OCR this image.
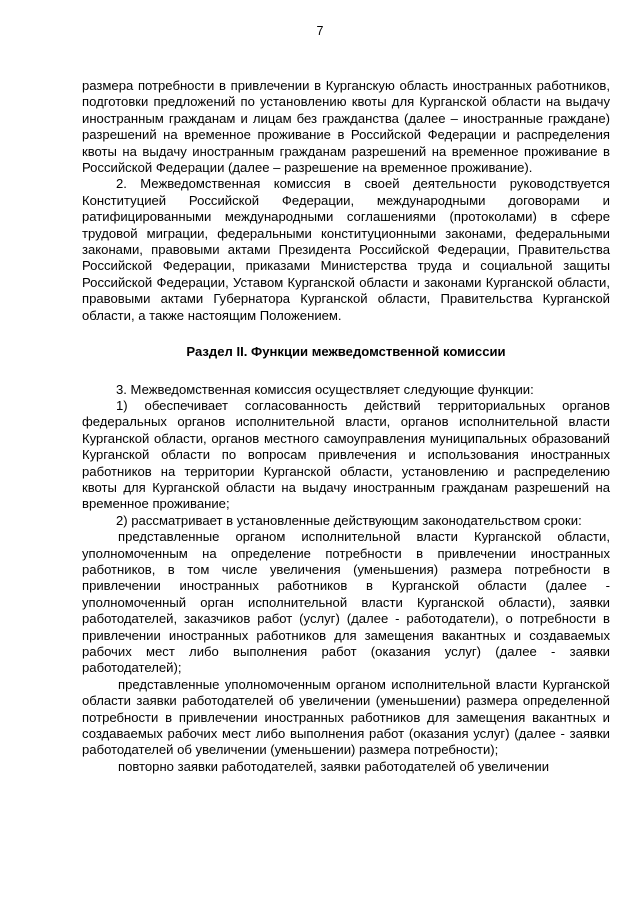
7

размера потребности в привлечении в Курганскую область иностранных работников, подготовки предложений по установлению квоты для Курганской области на выдачу иностранным гражданам и лицам без гражданства (далее – иностранные граждане) разрешений на временное проживание в Российской Федерации и распределения квоты на выдачу иностранным гражданам разрешений на временное проживание в Российской Федерации (далее – разрешение на временное проживание).

2. Межведомственная комиссия в своей деятельности руководствуется Конституцией Российской Федерации, международными договорами и ратифицированными международными соглашениями (протоколами) в сфере трудовой миграции, федеральными конституционными законами, федеральными законами, правовыми актами Президента Российской Федерации, Правительства Российской Федерации, приказами Министерства труда и социальной защиты Российской Федерации, Уставом Курганской области и законами Курганской области, правовыми актами Губернатора Курганской области, Правительства Курганской области, а также настоящим Положением.

Раздел II. Функции межведомственной комиссии

3. Межведомственная комиссия осуществляет следующие функции:

1) обеспечивает согласованность действий территориальных органов федеральных органов исполнительной власти, органов исполнительной власти Курганской области, органов местного самоуправления муниципальных образований Курганской области по вопросам привлечения и использования иностранных работников на территории Курганской области, установлению и распределению квоты для Курганской области на выдачу иностранным гражданам разрешений на временное проживание;

2) рассматривает в установленные действующим законодательством сроки:

представленные органом исполнительной власти Курганской области, уполномоченным на определение потребности в привлечении иностранных работников, в том числе увеличения (уменьшения) размера потребности в привлечении иностранных работников в Курганской области (далее - уполномоченный орган исполнительной власти Курганской области), заявки работодателей, заказчиков работ (услуг) (далее - работодатели), о потребности в привлечении иностранных работников для замещения вакантных и создаваемых рабочих мест либо выполнения работ (оказания услуг) (далее - заявки работодателей);

представленные уполномоченным органом исполнительной власти Курганской области заявки работодателей об увеличении (уменьшении) размера определенной потребности в привлечении иностранных работников для замещения вакантных и создаваемых рабочих мест либо выполнения работ (оказания услуг) (далее - заявки работодателей об увеличении (уменьшении) размера потребности);

повторно заявки работодателей, заявки работодателей об увеличении
